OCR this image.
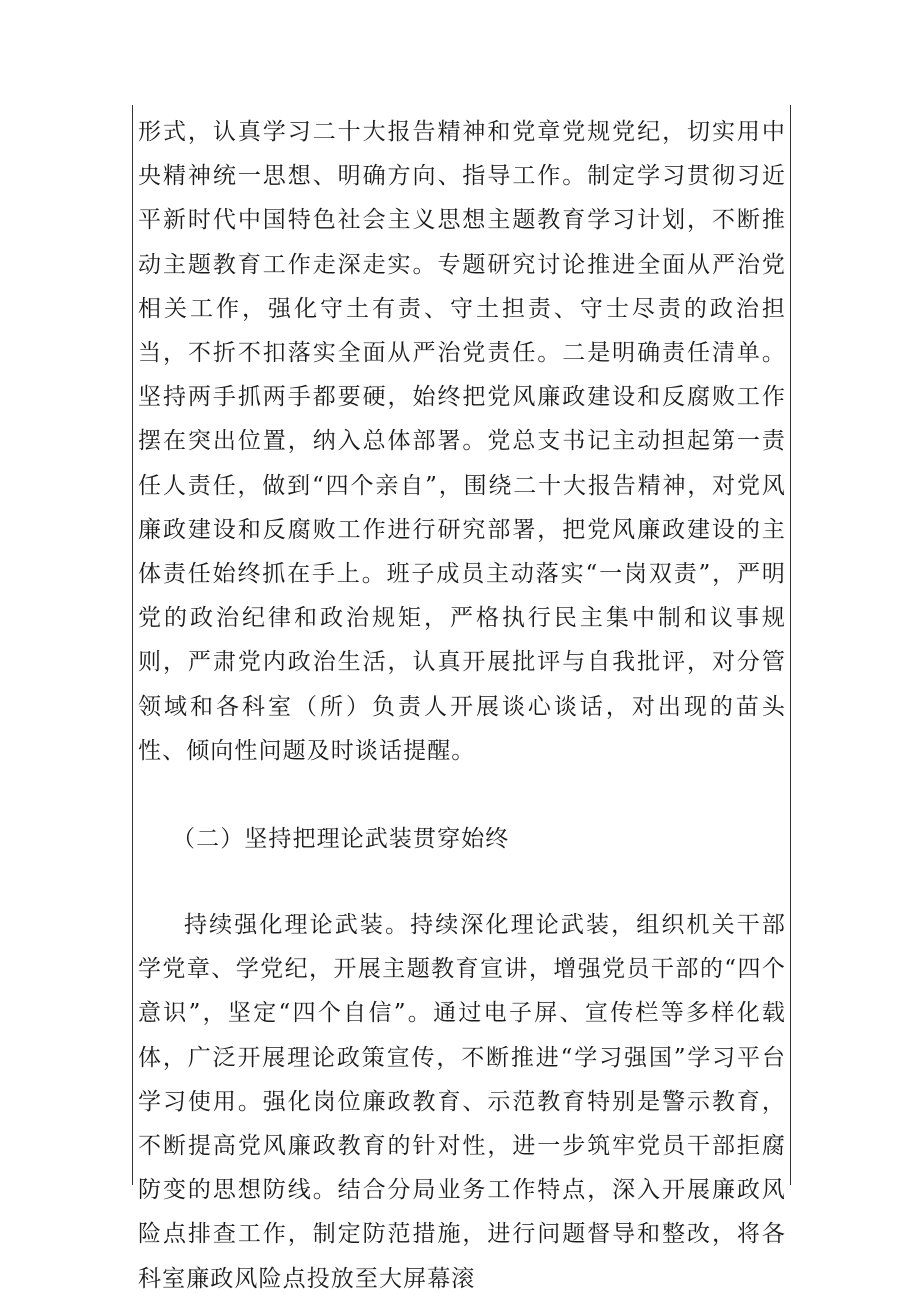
形式，认真学习二十大报告精神和党章党规党纪，切实用中央精神统一思想、明确方向、指导工作。制定学习贯彻习近平新时代中国特色社会主义思想主题教育学习计划，不断推动主题教育工作走深走实。专题研究讨论推进全面从严治党相关工作，强化守土有责、守土担责、守士尽责的政治担当，不折不扣落实全面从严治党责任。二是明确责任清单。坚持两手抓两手都要硬，始终把党风廉政建设和反腐败工作摆在突出位置，纳入总体部署。党总支书记主动担起第一责任人责任，做到“四个亲自”，围绕二十大报告精神，对党风廉政建设和反腐败工作进行研究部署，把党风廉政建设的主体责任始终抓在手上。班子成员主动落实“一岗双责”，严明党的政治纪律和政治规矩，严格执行民主集中制和议事规则，严肃党内政治生活，认真开展批评与自我批评，对分管领域和各科室（所）负责人开展谈心谈话，对出现的苗头性、倾向性问题及时谈话提醒。

（二）坚持把理论武装贯穿始终

持续强化理论武装。持续深化理论武装，组织机关干部学党章、学党纪，开展主题教育宣讲，增强党员干部的“四个意识”，坚定“四个自信”。通过电子屏、宣传栏等多样化载体，广泛开展理论政策宣传，不断推进“学习强国”学习平台学习使用。强化岗位廉政教育、示范教育特别是警示教育，不断提高党风廉政教育的针对性，进一步筑牢党员干部拒腐防变的思想防线。结合分局业务工作特点，深入开展廉政风险点排查工作，制定防范措施，进行问题督导和整改，将各科室廉政风险点投放至大屏幕滚
